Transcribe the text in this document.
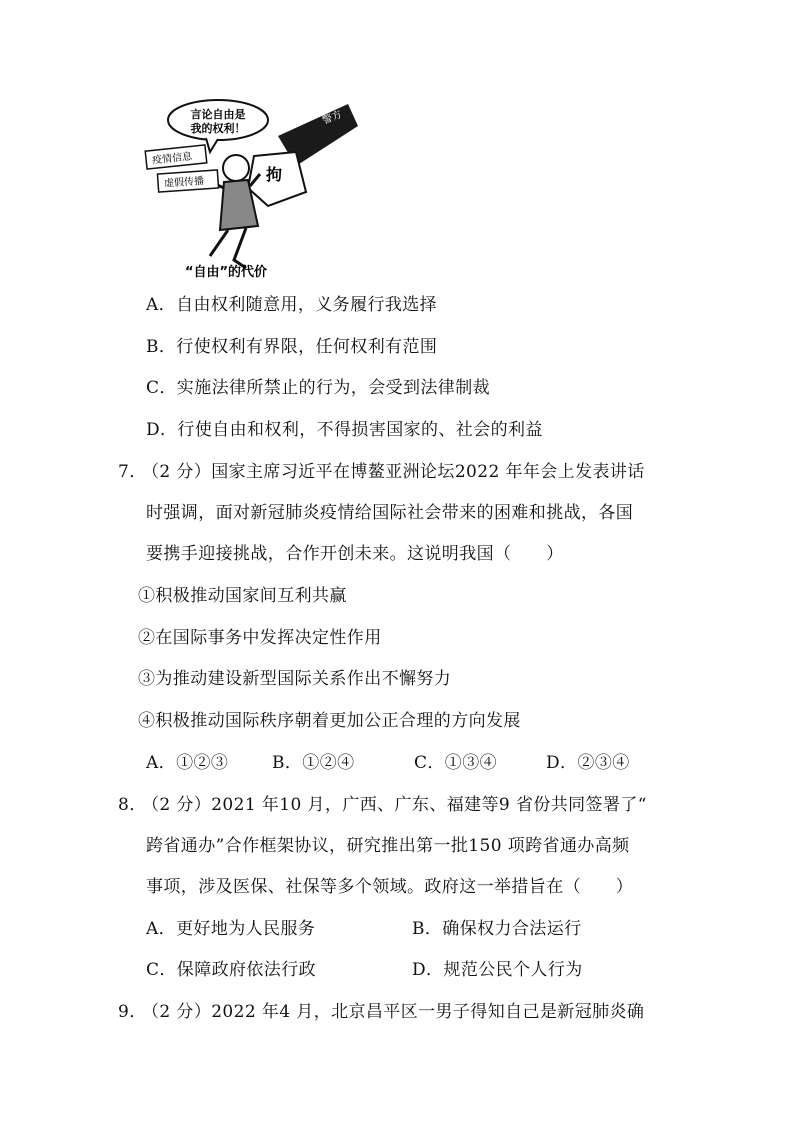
言论自由是
我的权利！
警方
拘
疫情信息
虚假传播
“自由”的代价
A．自由权利随意用，义务履行我选择
B．行使权利有界限，任何权利有范围
C．实施法律所禁止的行为，会受到法律制裁
D．行使自由和权利，不得损害国家的、社会的利益
7．
（2 分）国家主席习近平在博鳌亚洲论坛2022 年年会上发表讲话
时强调，面对新冠肺炎疫情给国际社会带来的困难和挑战，各国
要携手迎接挑战，合作开创未来。这说明我国（　　）
①积极推动国家间互利共赢
②在国际事务中发挥决定性作用
③为推动建设新型国际关系作出不懈努力
④积极推动国际秩序朝着更加公正合理的方向发展
A．①②③	B．①②④	C．①③④	D．②③④
8．
（2 分）2021 年10 月，广西、广东、福建等9 省份共同签署了“
跨省通办”合作框架协议，研究推出第一批150 项跨省通办高频
事项，涉及医保、社保等多个领域。政府这一举措旨在（　　）
A．更好地为人民服务	B．确保权力合法运行
C．保障政府依法行政	D．规范公民个人行为
9．
（2 分）2022 年4 月，北京昌平区一男子得知自己是新冠肺炎确
